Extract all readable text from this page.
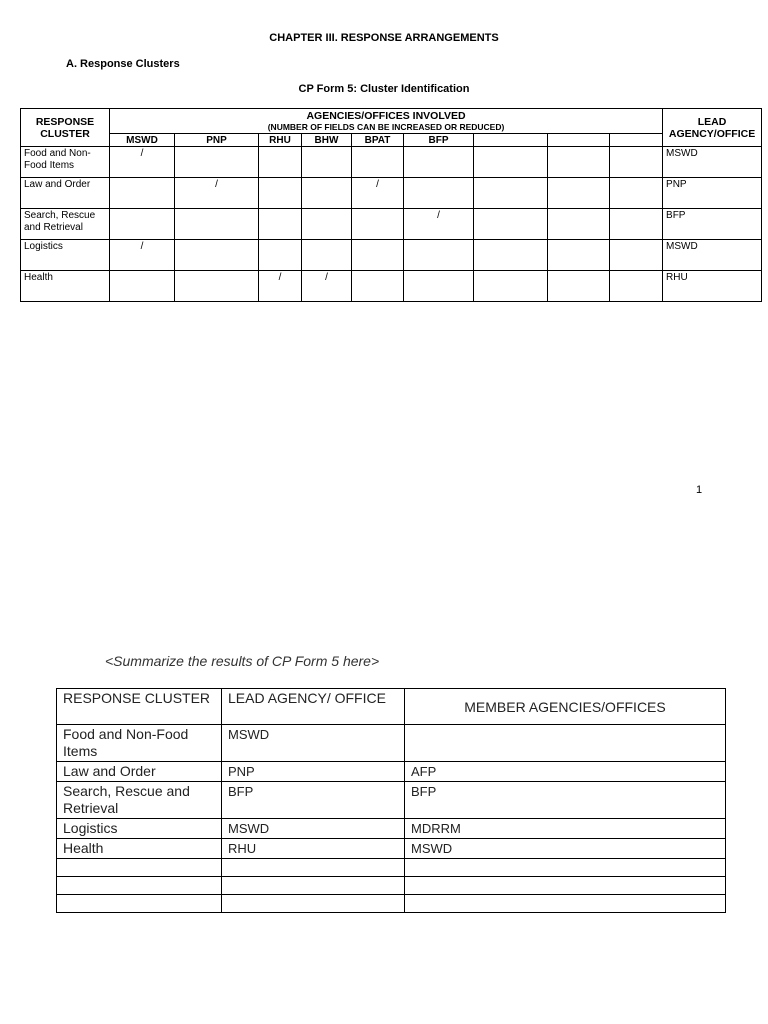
CHAPTER III. RESPONSE ARRANGEMENTS
A. Response Clusters
CP Form 5: Cluster Identification
RESPONSE CLUSTER	AGENCIES/OFFICES INVOLVED
(NUMBER OF FIELDS CAN BE INCREASED OR REDUCED)									LEAD AGENCY/OFFICE
	MSWD	PNP	RHU	BHW	BPAT	BFP				
Food and Non-Food Items	/									MSWD
Law and Order		/			/					PNP
Search, Rescue and Retrieval						/				BFP
Logistics	/									MSWD
Health			/	/						RHU
1
<Summarize the results of CP Form 5 here>
RESPONSE CLUSTER	LEAD AGENCY/ OFFICE	MEMBER AGENCIES/OFFICES
Food and Non-Food Items	MSWD	
Law and Order	PNP	AFP
Search, Rescue and Retrieval	BFP	BFP
Logistics	MSWD	MDRRM
Health	RHU	MSWD
